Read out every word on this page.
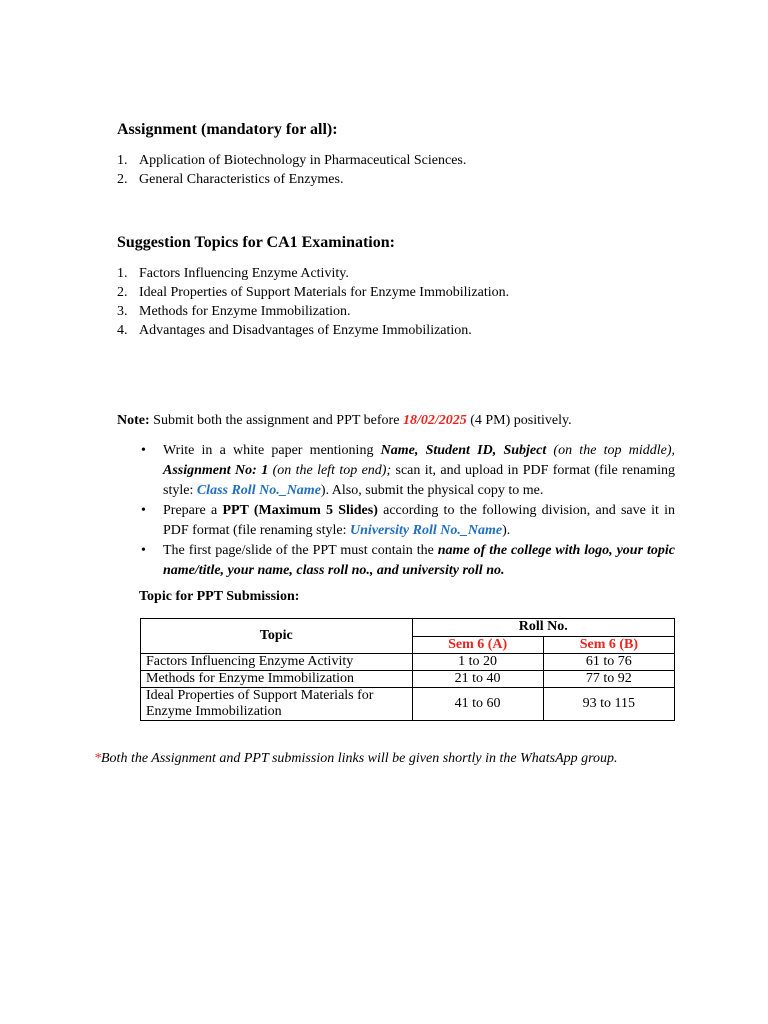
Assignment (mandatory for all):
1. Application of Biotechnology in Pharmaceutical Sciences.
2. General Characteristics of Enzymes.
Suggestion Topics for CA1 Examination:
1. Factors Influencing Enzyme Activity.
2. Ideal Properties of Support Materials for Enzyme Immobilization.
3. Methods for Enzyme Immobilization.
4. Advantages and Disadvantages of Enzyme Immobilization.
Note: Submit both the assignment and PPT before 18/02/2025 (4 PM) positively.
• Write in a white paper mentioning Name, Student ID, Subject (on the top middle), Assignment No: 1 (on the left top end); scan it, and upload in PDF format (file renaming style: Class Roll No._Name). Also, submit the physical copy to me.
• Prepare a PPT (Maximum 5 Slides) according to the following division, and save it in PDF format (file renaming style: University Roll No._Name).
• The first page/slide of the PPT must contain the name of the college with logo, your topic name/title, your name, class roll no., and university roll no.
Topic for PPT Submission:
Topic	Roll No.	
	Sem 6 (A)	Sem 6 (B)
Factors Influencing Enzyme Activity	1 to 20	61 to 76
Methods for Enzyme Immobilization	21 to 40	77 to 92
Ideal Properties of Support Materials for Enzyme Immobilization	41 to 60	93 to 115
*Both the Assignment and PPT submission links will be given shortly in the WhatsApp group.
